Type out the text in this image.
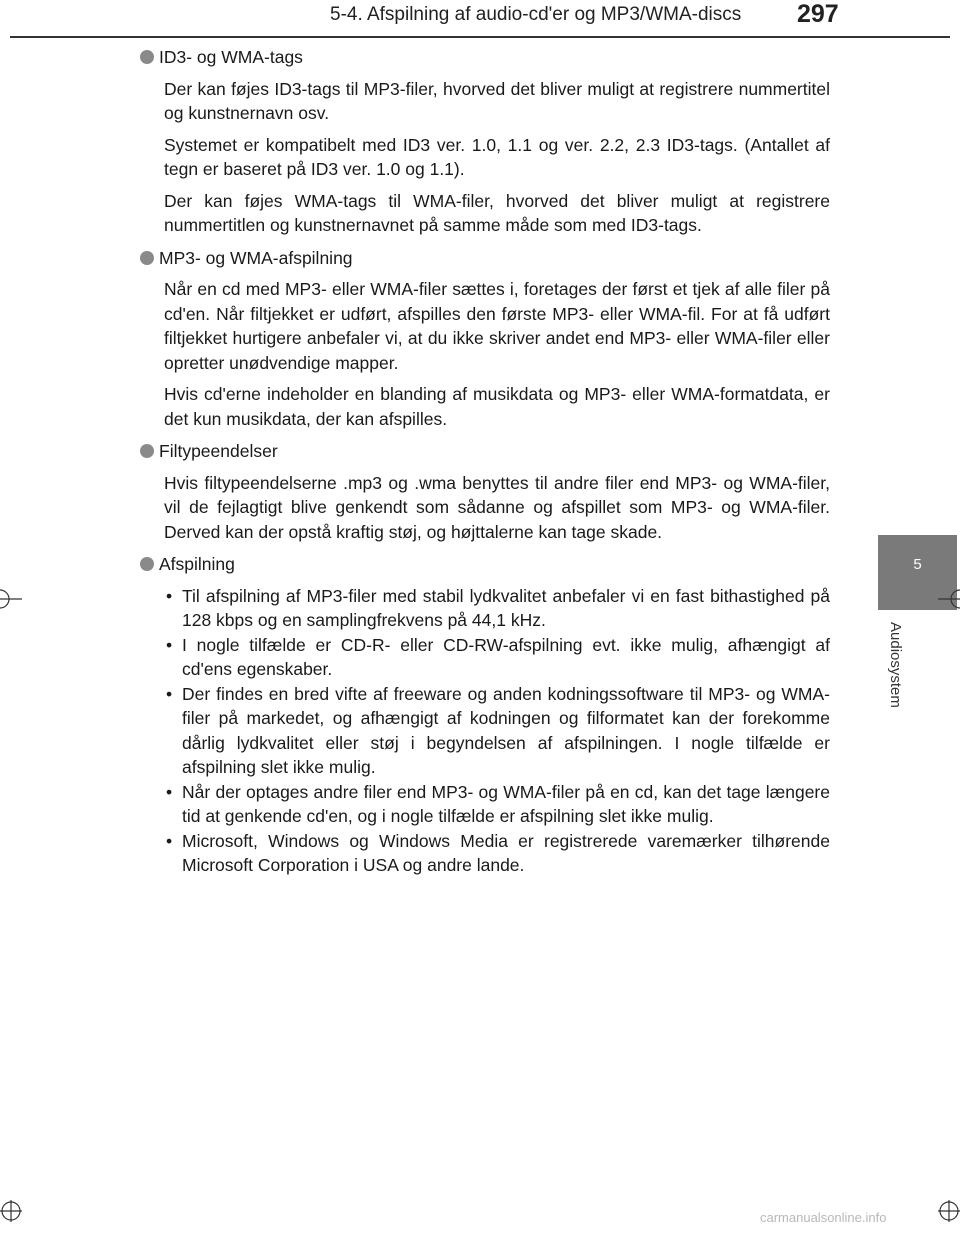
5-4. Afspilning af audio-cd'er og MP3/WMA-discs 297
5
Audiosystem
ID3- og WMA-tags

Der kan føjes ID3-tags til MP3-filer, hvorved det bliver muligt at registrere nummertitel og kunstnernavn osv.

Systemet er kompatibelt med ID3 ver. 1.0, 1.1 og ver. 2.2, 2.3 ID3-tags. (Antallet af tegn er baseret på ID3 ver. 1.0 og 1.1).

Der kan føjes WMA-tags til WMA-filer, hvorved det bliver muligt at registrere nummertitlen og kunstnernavnet på samme måde som med ID3-tags.

MP3- og WMA-afspilning

Når en cd med MP3- eller WMA-filer sættes i, foretages der først et tjek af alle filer på cd'en. Når filtjekket er udført, afspilles den første MP3- eller WMA-fil. For at få udført filtjekket hurtigere anbefaler vi, at du ikke skriver andet end MP3- eller WMA-filer eller opretter unødvendige mapper.

Hvis cd'erne indeholder en blanding af musikdata og MP3- eller WMA-formatdata, er det kun musikdata, der kan afspilles.

Filtypeendelser

Hvis filtypeendelserne .mp3 og .wma benyttes til andre filer end MP3- og WMA-filer, vil de fejlagtigt blive genkendt som sådanne og afspillet som MP3- og WMA-filer. Derved kan der opstå kraftig støj, og højttalerne kan tage skade.

Afspilning
• Til afspilning af MP3-filer med stabil lydkvalitet anbefaler vi en fast bithastighed på 128 kbps og en samplingfrekvens på 44,1 kHz.
• I nogle tilfælde er CD-R- eller CD-RW-afspilning evt. ikke mulig, afhængigt af cd'ens egenskaber.
• Der findes en bred vifte af freeware og anden kodningssoftware til MP3- og WMA-filer på markedet, og afhængigt af kodningen og filformatet kan der forekomme dårlig lydkvalitet eller støj i begyndelsen af afspilningen. I nogle tilfælde er afspilning slet ikke mulig.
• Når der optages andre filer end MP3- og WMA-filer på en cd, kan det tage længere tid at genkende cd'en, og i nogle tilfælde er afspilning slet ikke mulig.
• Microsoft, Windows og Windows Media er registrerede varemærker tilhørende Microsoft Corporation i USA og andre lande.
carmanualsonline.info
